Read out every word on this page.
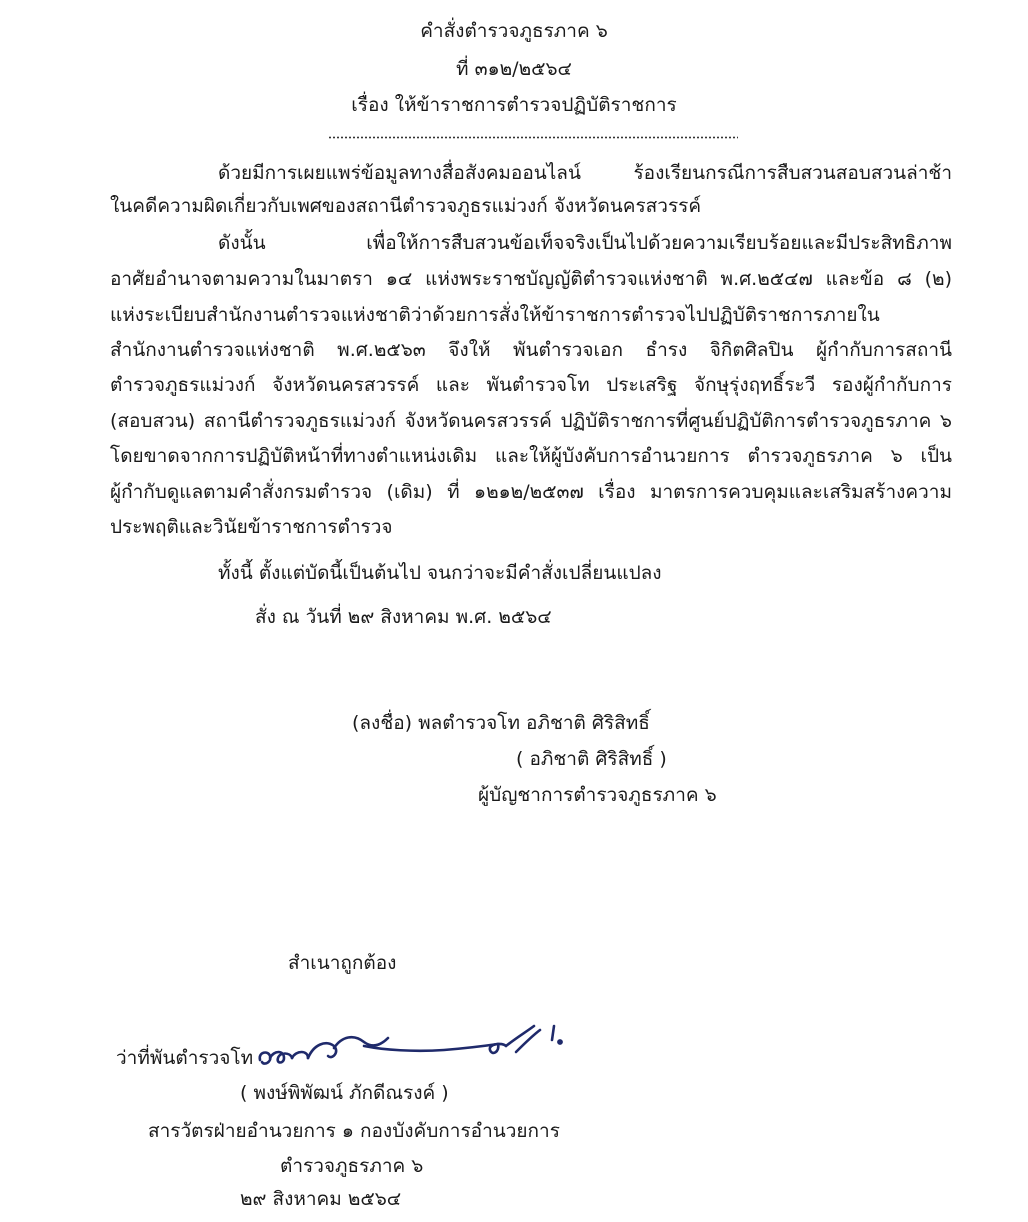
คำสั่งตำรวจภูธรภาค ๖
ที่ ๓๑๒/๒๕๖๔
เรื่อง ให้ข้าราชการตำรวจปฏิบัติราชการ
ด้วยมีการเผยแพร่ข้อมูลทางสื่อสังคมออนไลน์ ร้องเรียนกรณีการสืบสวนสอบสวนล่าช้า
ในคดีความผิดเกี่ยวกับเพศของสถานีตำรวจภูธรแม่วงก์ จังหวัดนครสวรรค์
ดังนั้น เพื่อให้การสืบสวนข้อเท็จจริงเป็นไปด้วยความเรียบร้อยและมีประสิทธิภาพ
อาศัยอำนาจตามความในมาตรา ๑๔ แห่งพระราชบัญญัติตำรวจแห่งชาติ พ.ศ.๒๕๔๗ และข้อ ๘ (๒)
แห่งระเบียบสำนักงานตำรวจแห่งชาติว่าด้วยการสั่งให้ข้าราชการตำรวจไปปฏิบัติราชการภายใน
สำนักงานตำรวจแห่งชาติ พ.ศ.๒๕๖๓ จึงให้ พันตำรวจเอก ธำรง จิกิตศิลปิน ผู้กำกับการสถานี
ตำรวจภูธรแม่วงก์ จังหวัดนครสวรรค์ และ พันตำรวจโท ประเสริฐ จักษุรุ่งฤทธิ์ระวี รองผู้กำกับการ
(สอบสวน) สถานีตำรวจภูธรแม่วงก์ จังหวัดนครสวรรค์ ปฏิบัติราชการที่ศูนย์ปฏิบัติการตำรวจภูธรภาค ๖
โดยขาดจากการปฏิบัติหน้าที่ทางตำแหน่งเดิม และให้ผู้บังคับการอำนวยการ ตำรวจภูธรภาค ๖ เป็น
ผู้กำกับดูแลตามคำสั่งกรมตำรวจ (เดิม) ที่ ๑๒๑๒/๒๕๓๗ เรื่อง มาตรการควบคุมและเสริมสร้างความ
ประพฤติและวินัยข้าราชการตำรวจ
ทั้งนี้ ตั้งแต่บัดนี้เป็นต้นไป จนกว่าจะมีคำสั่งเปลี่ยนแปลง
สั่ง ณ วันที่ ๒๙ สิงหาคม พ.ศ. ๒๕๖๔
(ลงชื่อ) พลตำรวจโท อภิชาติ ศิริสิทธิ์
( อภิชาติ ศิริสิทธิ์ )
ผู้บัญชาการตำรวจภูธรภาค ๖
สำเนาถูกต้อง
ว่าที่พันตำรวจโท
( พงษ์พิพัฒน์ ภักดีณรงค์ )
สารวัตรฝ่ายอำนวยการ ๑ กองบังคับการอำนวยการ
ตำรวจภูธรภาค ๖
๒๙ สิงหาคม ๒๕๖๔
